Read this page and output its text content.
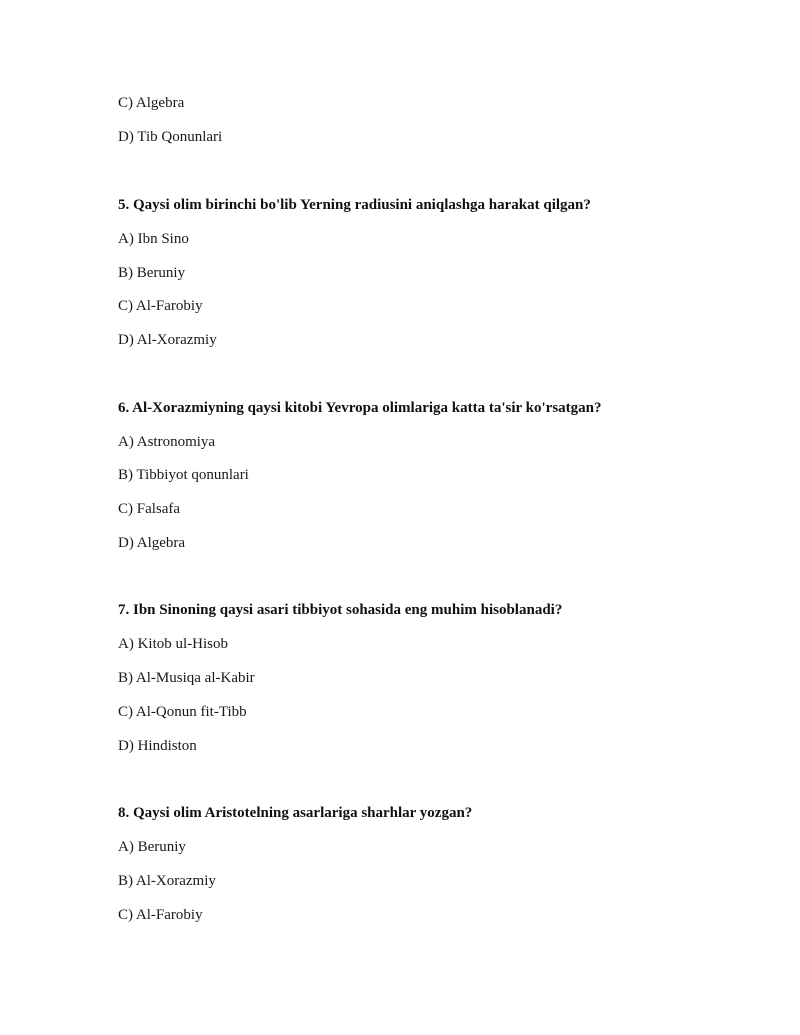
C) Algebra
D) Tib Qonunlari
5. Qaysi olim birinchi bo'lib Yerning radiusini aniqlashga harakat qilgan?
A) Ibn Sino
B) Beruniy
C) Al-Farobiy
D) Al-Xorazmiy
6. Al-Xorazmiyning qaysi kitobi Yevropa olimlariga katta ta'sir ko'rsatgan?
A) Astronomiya
B) Tibbiyot qonunlari
C) Falsafa
D) Algebra
7. Ibn Sinoning qaysi asari tibbiyot sohasida eng muhim hisoblanadi?
A) Kitob ul-Hisob
B) Al-Musiqa al-Kabir
C) Al-Qonun fit-Tibb
D) Hindiston
8. Qaysi olim Aristotelning asarlariga sharhlar yozgan?
A) Beruniy
B) Al-Xorazmiy
C) Al-Farobiy
